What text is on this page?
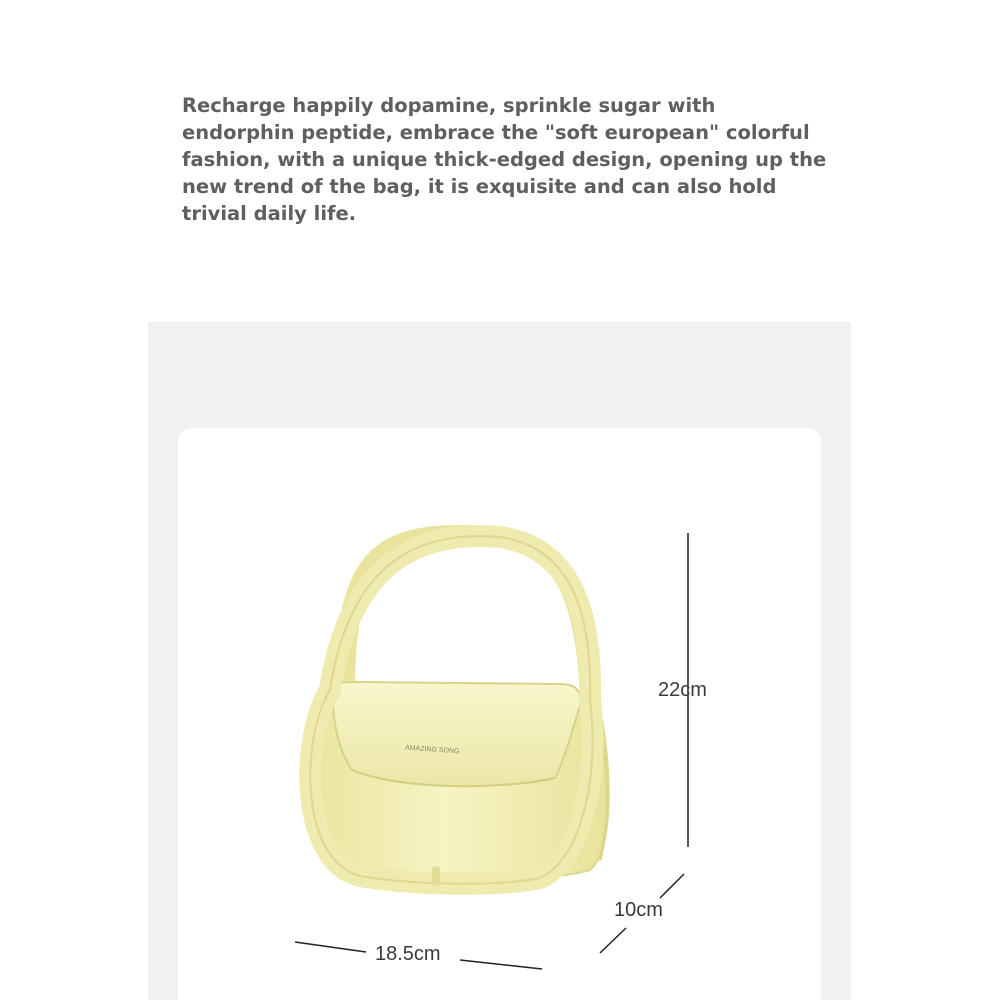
Recharge happily dopamine, sprinkle sugar with endorphin peptide, embrace the "soft european" colorful fashion, with a unique thick-edged design, opening up the new trend of the bag, it is exquisite and can also hold trivial daily life.

AMAZING SONG
22cm
10cm
18.5cm
